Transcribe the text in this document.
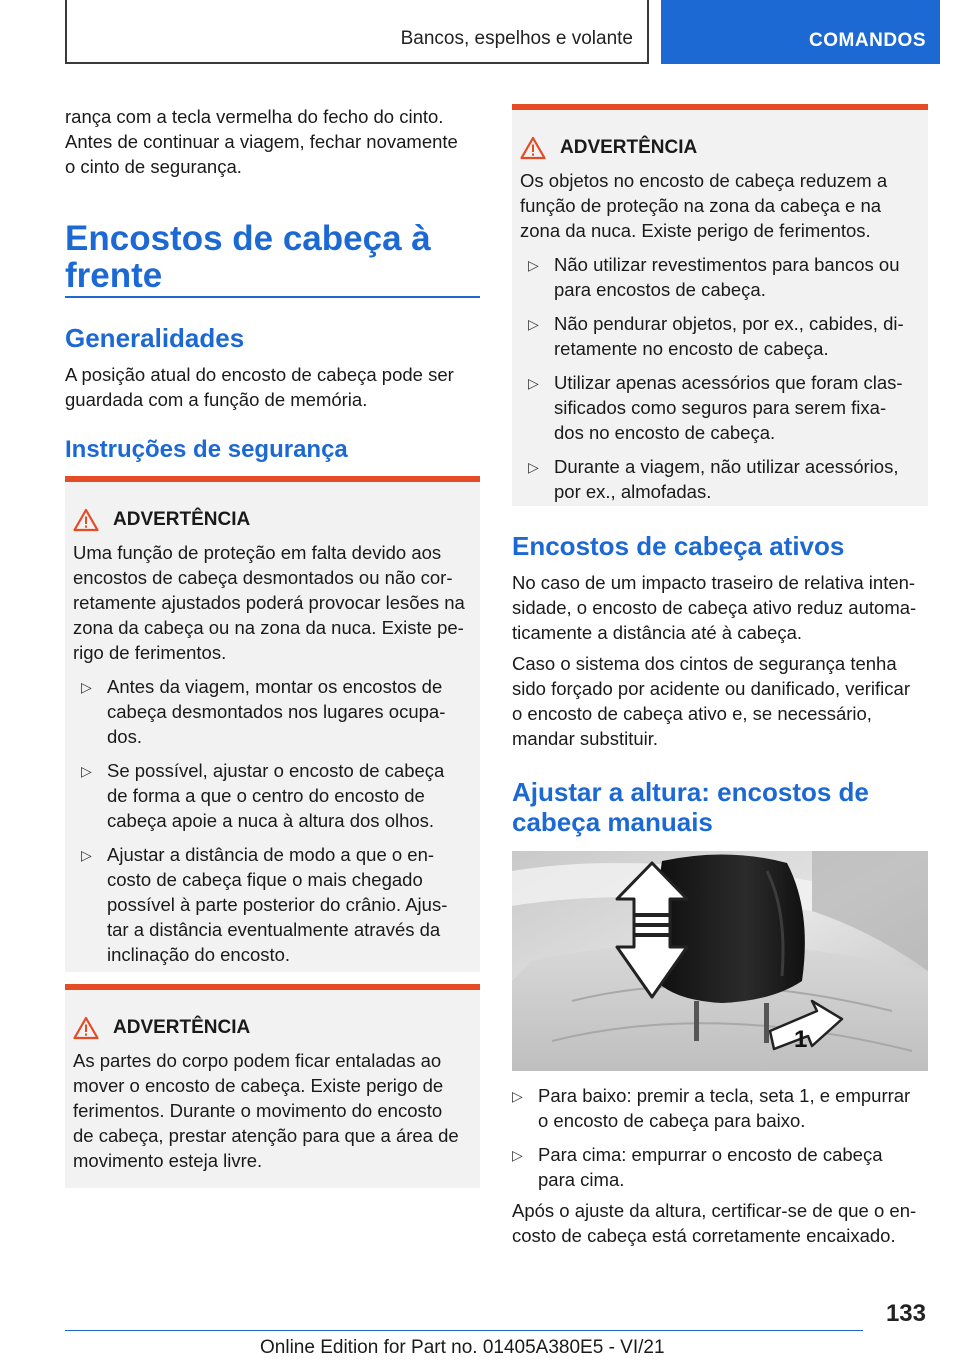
Bancos, espelhos e volante	COMANDOS

rança com a tecla vermelha do fecho do cinto.

Antes de continuar a viagem, fechar novamente

o cinto de segurança.

Encostos de cabeça à
frente
Generalidades

A posição atual do encosto de cabeça pode ser

guardada com a função de memória.

Instruções de segurança
ADVERTÊNCIA

Uma função de proteção em falta devido aos

encostos de cabeça desmontados ou não cor-

retamente ajustados poderá provocar lesões na

zona da cabeça ou na zona da nuca. Existe pe-

rigo de ferimentos.

▷ Antes da viagem, montar os encostos de
cabeça desmontados nos lugares ocupa-
dos.
▷ Se possível, ajustar o encosto de cabeça
de forma a que o centro do encosto de
cabeça apoie a nuca à altura dos olhos.
▷ Ajustar a distância de modo a que o en-
costo de cabeça fique o mais chegado
possível à parte posterior do crânio. Ajus-
tar a distância eventualmente através da
inclinação do encosto.
ADVERTÊNCIA

As partes do corpo podem ficar entaladas ao

mover o encosto de cabeça. Existe perigo de

ferimentos. Durante o movimento do encosto

de cabeça, prestar atenção para que a área de

movimento esteja livre.

ADVERTÊNCIA

Os objetos no encosto de cabeça reduzem a

função de proteção na zona da cabeça e na

zona da nuca. Existe perigo de ferimentos.

▷ Não utilizar revestimentos para bancos ou
para encostos de cabeça.
▷ Não pendurar objetos, por ex., cabides, di-
retamente no encosto de cabeça.
▷ Utilizar apenas acessórios que foram clas-
sificados como seguros para serem fixa-
dos no encosto de cabeça.
▷ Durante a viagem, não utilizar acessórios,
por ex., almofadas.
Encostos de cabeça ativos

No caso de um impacto traseiro de relativa inten-

sidade, o encosto de cabeça ativo reduz automa-

ticamente a distância até à cabeça.

Caso o sistema dos cintos de segurança tenha

sido forçado por acidente ou danificado, verificar

o encosto de cabeça ativo e, se necessário,

mandar substituir.

Ajustar a altura: encostos de
cabeça manuais
1
▷ Para baixo: premir a tecla, seta 1, e empurrar
o encosto de cabeça para baixo.
▷ Para cima: empurrar o encosto de cabeça
para cima.

Após o ajuste da altura, certificar-se de que o en-

costo de cabeça está corretamente encaixado.

133
Online Edition for Part no. 01405A380E5 - VI/21
